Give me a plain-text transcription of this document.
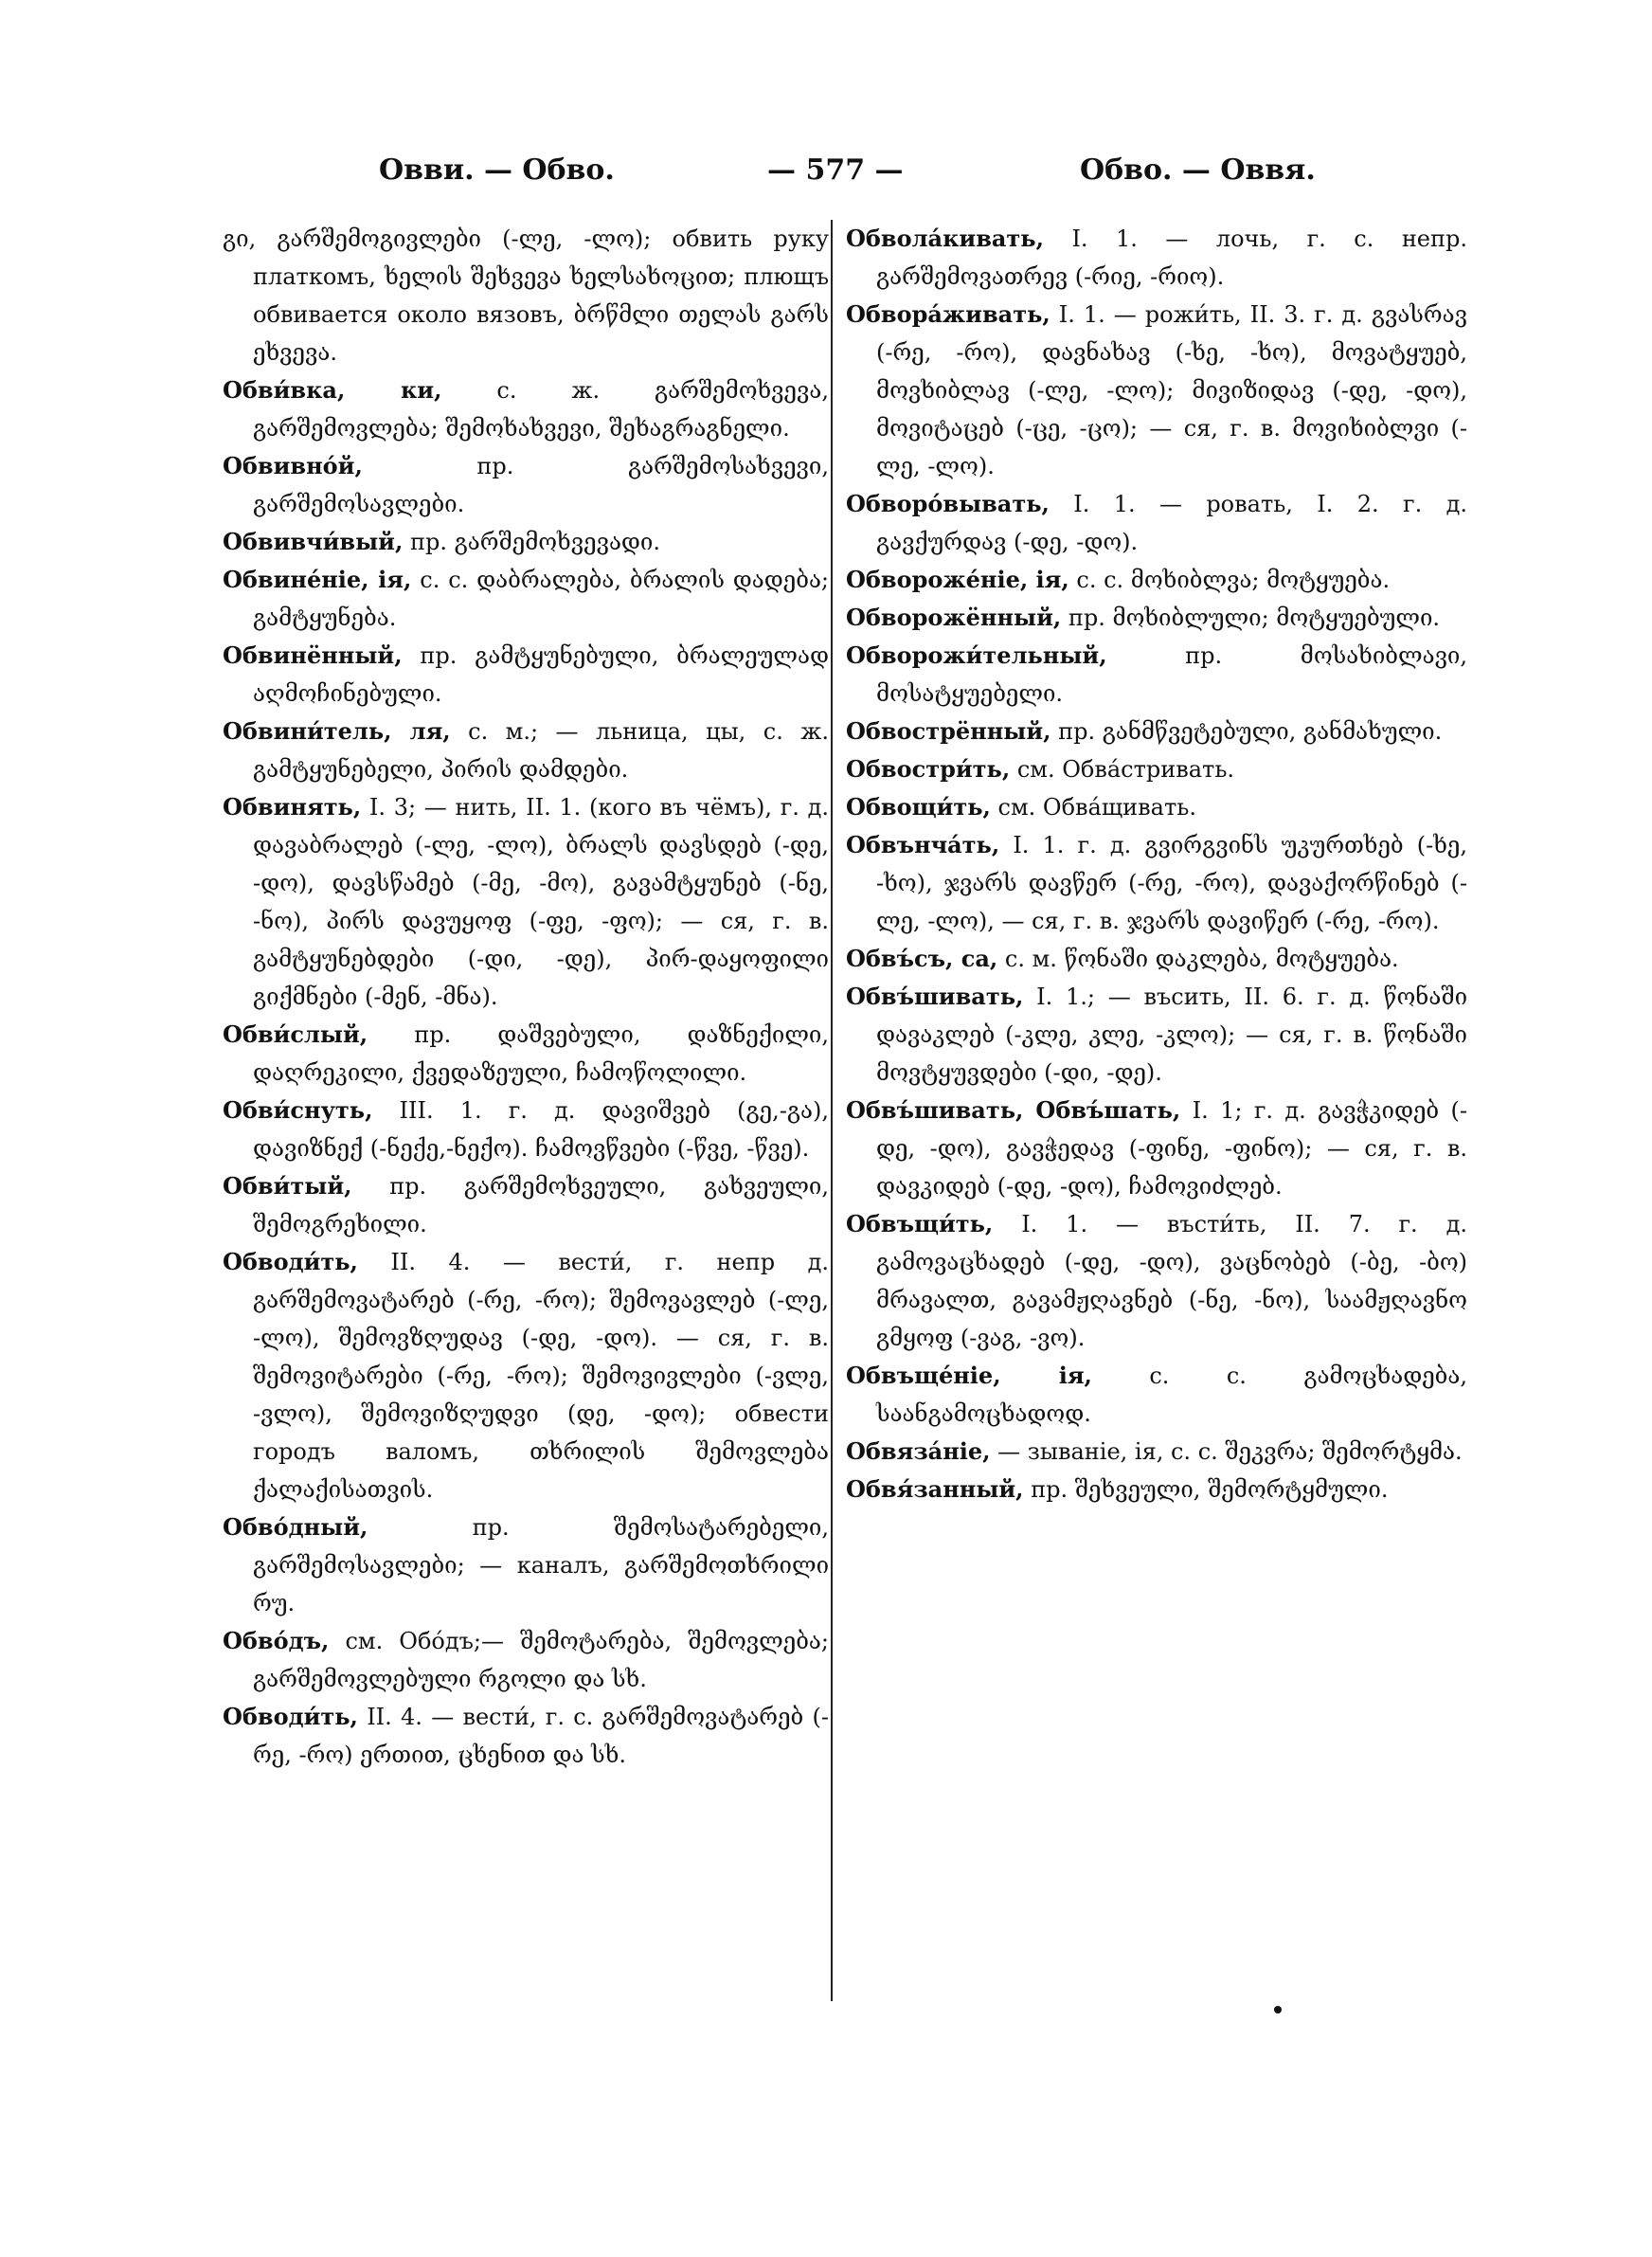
Овви. — Обво.	— 577 —	Обво. — Оввя.

გი, გარშემოგივლები (-ლე, -ლო); обвить руку платкомъ, ხელის შეხვევა ხელსახოცით; плющъ обвивается около вязовъ, ბრწმლი თელას გარს ეხვევა.

Обви́вка, ки, с. ж. გარშემოხვევა, გარშემოვლება; შემოხახვევი, შეხაგრაგნელი.

Обвивно́й,	пр. გარშემოსახვევი, გარშემოსავლები.

Обвивчи́вый, пр. გარშემოხვევადი.

Обвине́ніе, ія, с. с. დაბრალება, ბრალის დადება; გამტყუნება.

Обвинённый, пр. გამტყუნებული, ბრალეულად აღმოჩინებული.

Обвини́тель, ля, с. м.; — льница, цы, с. ж. გამტყუნებელი, პირის დამდები.

Обвинять, I. 3; — нить, II. 1. (кого въ чёмъ), г. д. დავაბრალებ (-ლე, -ლო), ბრალს დავსდებ (-დე, -დო), დავსწამებ (-მე, -მო), გავამტყუნებ (-ნე, -ნო), პირს დავუყოფ (-ფე, -ფო); — ся, г. в. გამტყუნებდები (-დი, -დე), პირ-დაყოფილი გიქმნები (-მენ, -მნა).

Обви́слый, пр. დაშვებული, დაზნექილი, დაღრეკილი, ქვედაზეული, ჩამოწოლილი.

Обви́снуть, III. 1. г. д. დავიშვებ (გე,-გა), დავიზნექ (-ნექე,-ნექო). ჩამოვწვები (-წვე, -წვე).

Обви́тый, пр. გარშემოხვეული, გახვეული, შემოგრეხილი.

Обводи́ть, II. 4. — вести́, г. непр д. გარშემოვატარებ (-რე, -რო); შემოვავლებ (-ლე, -ლო), შემოვზღუდავ (-დე, -დო). — ся, г. в. შემოვიტარები (-რე, -რო); შემოვივლები (-ვლე, -ვლო), შემოვიზღუდვი (დე, -დო); обвести городъ валомъ, თხრილის შემოვლება ქალაქისათვის.

Обво́дный,	пр. შემოსატარებელი, გარშემოსავლები; — каналъ, გარშემოთხრილი რუ.

Обво́дъ, см. Обо́дъ;— შემოტარება, შემოვლება; გარშემოვლებული რგოლი და სხ.

Обводи́ть, II. 4. — вести́, г. с. გარშემოვატარებ (-რე, -რო) ერთით, ცხენით და სხ.

Обвола́кивать, I. 1. — лочь, г. с. непр. გარშემოვათრევ (-რიე, -რიო).

Обвора́живать, I. 1. — рожи́ть, II. 3. г. д. გვასრავ (-რე, -რო), დავნახავ (-ხე, -ხო), მოვატყუებ, მოვხიბლავ (-ლე, -ლო); მივიზიდავ (-დე, -დო), მოვიტაცებ (-ცე, -ცო); — ся, г. в. მოვიხიბლვი (-ლე, -ლო).

Обворо́вывать, I. 1. — ровать, I. 2. г. д. გავქურდავ (-დე, -დო).

Обвороже́ніе, ія, с. с. მოხიბლვა; მოტყუება.

Обворожённый, пр. მოხიბლული; მოტყუებული.

Обворожи́тельный,	пр. მოსახიბლავი, მოსატყუებელი.

Обвострённый, пр. განმწვეტებული, განმახული.

Обвостри́ть, см. Обва́стривать.

Обвощи́ть, см. Обва́щивать.

Обвънча́ть, I. 1. г. д. გვირგვინს უკურთხებ (-ხე, -ხო), ჯვარს დავწერ (-რე, -რო), დავაქორწინებ (-ლე, -ლო), — ся, г. в. ჯვარს დავიწერ (-რე, -რო).

Обвъ́съ, са, с. м. წონაში დაკლება, მოტყუება.

Обвъ́шивать, I. 1.; — въсить, II. 6. г. д. წონაში დავაკლებ (-კლე, კლე, -კლო); — ся, г. в. წონაში მოვტყუვდები (-დი, -დე).

Обвъ́шивать, Обвъ́шать, I. 1; г. д. გავჭკიდებ (-დე, -დო), გავჭედავ (-ფინე, -ფინო); — ся, г. в. დავკიდებ (-დე, -დო), ჩამოვიძლებ.

Обвъщи́ть, I. 1. — въсти́ть, II. 7. г. д. გამოვაცხადებ (-დე, -დო), ვაცნობებ (-ბე, -ბო) მრავალთ, გავამჟღავნებ (-ნე, -ნო), საამჟღავნო გმყოფ (-ვაგ, -ვო).

Обвъще́ніе, ія,	с. с. გამოცხადება, საანგამოცხადოდ.

Обвяза́ніе, — зываніе, ія, с. с. შეკვრა; შემორტყმა.

Обвя́занный, пр. შეხვეული, შემორტყმული.
